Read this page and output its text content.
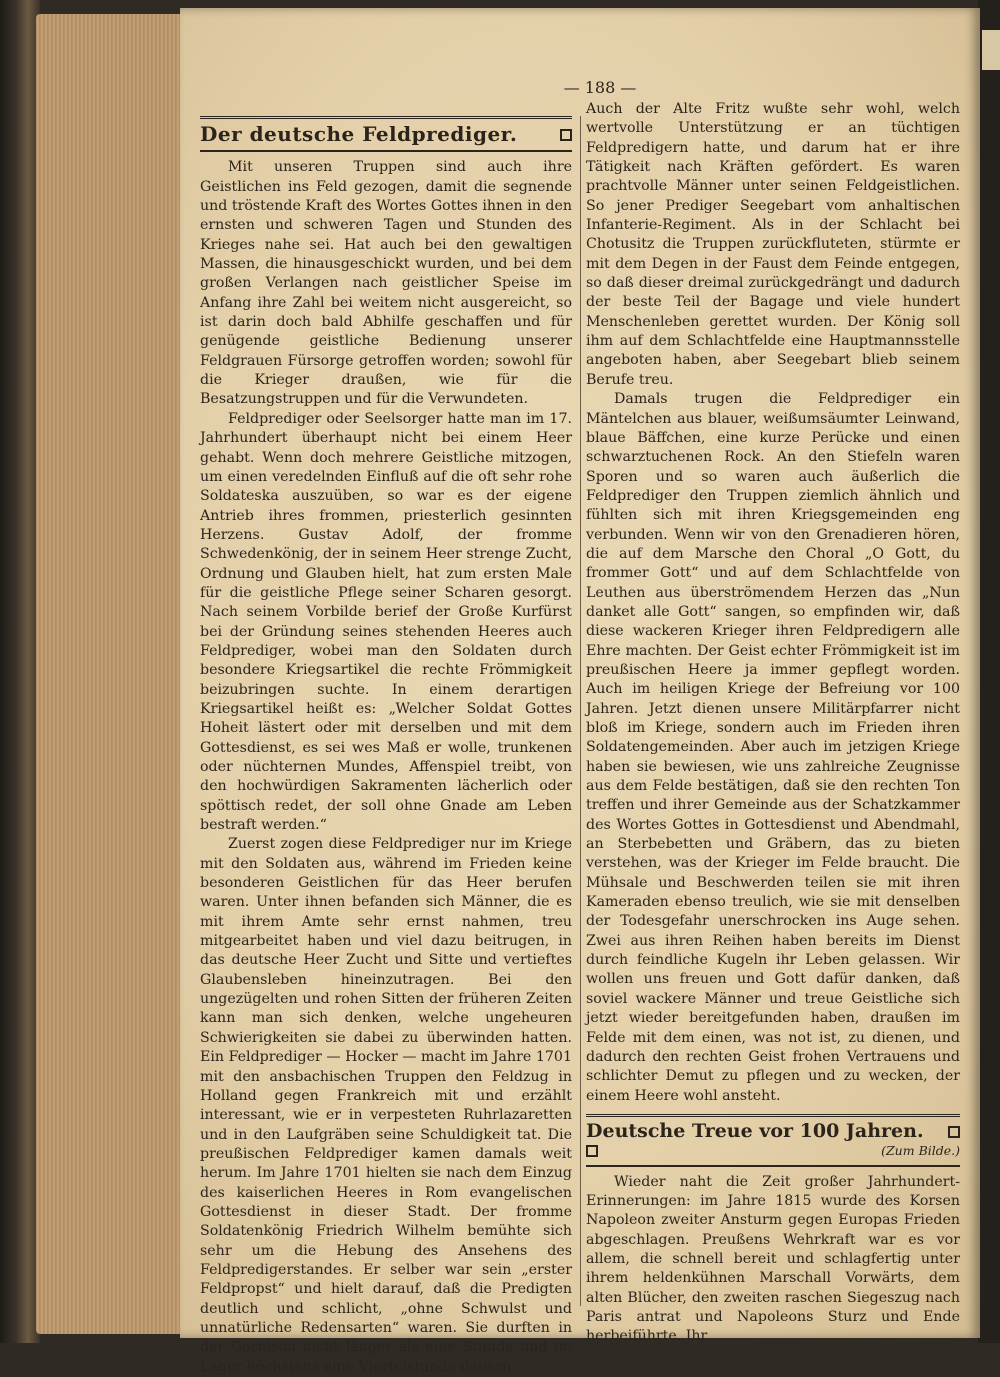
— 188 —
Der deutsche Feldprediger.

Mit unseren Truppen sind auch ihre Geistlichen ins Feld gezogen, damit die segnende und tröstende Kraft des Wortes Gottes ihnen in den ernsten und schweren Tagen und Stunden des Krieges nahe sei. Hat auch bei den gewaltigen Massen, die hinausgeschickt wurden, und bei dem großen Verlangen nach geistlicher Speise im Anfang ihre Zahl bei weitem nicht ausgereicht, so ist darin doch bald Abhilfe geschaffen und für genügende geistliche Bedienung unserer Feldgrauen Fürsorge getroffen worden; sowohl für die Krieger draußen, wie für die Besatzungstruppen und für die Verwundeten.

Feldprediger oder Seelsorger hatte man im 17. Jahrhundert überhaupt nicht bei einem Heer gehabt. Wenn doch mehrere Geistliche mitzogen, um einen veredelnden Einfluß auf die oft sehr rohe Soldateska auszuüben, so war es der eigene Antrieb ihres frommen, priesterlich gesinnten Herzens. Gustav Adolf, der fromme Schwedenkönig, der in seinem Heer strenge Zucht, Ordnung und Glauben hielt, hat zum ersten Male für die geistliche Pflege seiner Scharen gesorgt. Nach seinem Vorbilde berief der Große Kurfürst bei der Gründung seines stehenden Heeres auch Feldprediger, wobei man den Soldaten durch besondere Kriegsartikel die rechte Frömmigkeit beizubringen suchte. In einem derartigen Kriegsartikel heißt es: „Welcher Soldat Gottes Hoheit lästert oder mit derselben und mit dem Gottesdienst, es sei wes Maß er wolle, trunkenen oder nüchternen Mundes, Affenspiel treibt, von den hochwürdigen Sakramenten lächerlich oder spöttisch redet, der soll ohne Gnade am Leben bestraft werden.“

Zuerst zogen diese Feldprediger nur im Kriege mit den Soldaten aus, während im Frieden keine besonderen Geistlichen für das Heer berufen waren. Unter ihnen befanden sich Männer, die es mit ihrem Amte sehr ernst nahmen, treu mitgearbeitet haben und viel dazu beitrugen, in das deutsche Heer Zucht und Sitte und vertieftes Glaubensleben hineinzutragen. Bei den ungezügelten und rohen Sitten der früheren Zeiten kann man sich denken, welche ungeheuren Schwierigkeiten sie dabei zu überwinden hatten. Ein Feldprediger — Hocker — macht im Jahre 1701 mit den ansbachischen Truppen den Feldzug in Holland gegen Frankreich mit und erzählt interessant, wie er in verpesteten Ruhrlazaretten und in den Laufgräben seine Schuldigkeit tat. Die preußischen Feldprediger kamen damals weit herum. Im Jahre 1701 hielten sie nach dem Einzug des kaiserlichen Heeres in Rom evangelischen Gottesdienst in dieser Stadt. Der fromme Soldatenkönig Friedrich Wilhelm bemühte sich sehr um die Hebung des Ansehens des Feldpredigerstandes. Er selber war sein „erster Feldpropst“ und hielt darauf, daß die Predigten deutlich und schlicht, „ohne Schwulst und unnatürliche Redensarten“ waren. Sie durften in der Garnison nicht länger als eine Stunde und im Lager höchstens eine Viertelstunde dauern.

Auch der Alte Fritz wußte sehr wohl, welch wertvolle Unterstützung er an tüchtigen Feldpredigern hatte, und darum hat er ihre Tätigkeit nach Kräften gefördert. Es waren prachtvolle Männer unter seinen Feldgeistlichen. So jener Prediger Seegebart vom anhaltischen Infanterie-Regiment. Als in der Schlacht bei Chotusitz die Truppen zurückfluteten, stürmte er mit dem Degen in der Faust dem Feinde entgegen, so daß dieser dreimal zurückgedrängt und dadurch der beste Teil der Bagage und viele hundert Menschenleben gerettet wurden. Der König soll ihm auf dem Schlachtfelde eine Hauptmannsstelle angeboten haben, aber Seegebart blieb seinem Berufe treu.

Damals trugen die Feldprediger ein Mäntelchen aus blauer, weißumsäumter Leinwand, blaue Bäffchen, eine kurze Perücke und einen schwarztuchenen Rock. An den Stiefeln waren Sporen und so waren auch äußerlich die Feldprediger den Truppen ziemlich ähnlich und fühlten sich mit ihren Kriegsgemeinden eng verbunden. Wenn wir von den Grenadieren hören, die auf dem Marsche den Choral „O Gott, du frommer Gott“ und auf dem Schlachtfelde von Leuthen aus überströmendem Herzen das „Nun danket alle Gott“ sangen, so empfinden wir, daß diese wackeren Krieger ihren Feldpredigern alle Ehre machten. Der Geist echter Frömmigkeit ist im preußischen Heere ja immer gepflegt worden. Auch im heiligen Kriege der Befreiung vor 100 Jahren. Jetzt dienen unsere Militärpfarrer nicht bloß im Kriege, sondern auch im Frieden ihren Soldatengemeinden. Aber auch im jetzigen Kriege haben sie bewiesen, wie uns zahlreiche Zeugnisse aus dem Felde bestätigen, daß sie den rechten Ton treffen und ihrer Gemeinde aus der Schatzkammer des Wortes Gottes in Gottesdienst und Abendmahl, an Sterbebetten und Gräbern, das zu bieten verstehen, was der Krieger im Felde braucht. Die Mühsale und Beschwerden teilen sie mit ihren Kameraden ebenso treulich, wie sie mit denselben der Todesgefahr unerschrocken ins Auge sehen. Zwei aus ihren Reihen haben bereits im Dienst durch feindliche Kugeln ihr Leben gelassen. Wir wollen uns freuen und Gott dafür danken, daß soviel wackere Männer und treue Geistliche sich jetzt wieder bereitgefunden haben, draußen im Felde mit dem einen, was not ist, zu dienen, und dadurch den rechten Geist frohen Vertrauens und schlichter Demut zu pflegen und zu wecken, der einem Heere wohl ansteht.

Deutsche Treue vor 100 Jahren.
(Zum Bilde.)

Wieder naht die Zeit großer Jahrhundert-Erinnerungen: im Jahre 1815 wurde des Korsen Napoleon zweiter Ansturm gegen Europas Frieden abgeschlagen. Preußens Wehrkraft war es vor allem, die schnell bereit und schlagfertig unter ihrem heldenkühnen Marschall Vorwärts, dem alten Blücher, den zweiten raschen Siegeszug nach Paris antrat und Napoleons Sturz und Ende herbeiführte. Ihr
